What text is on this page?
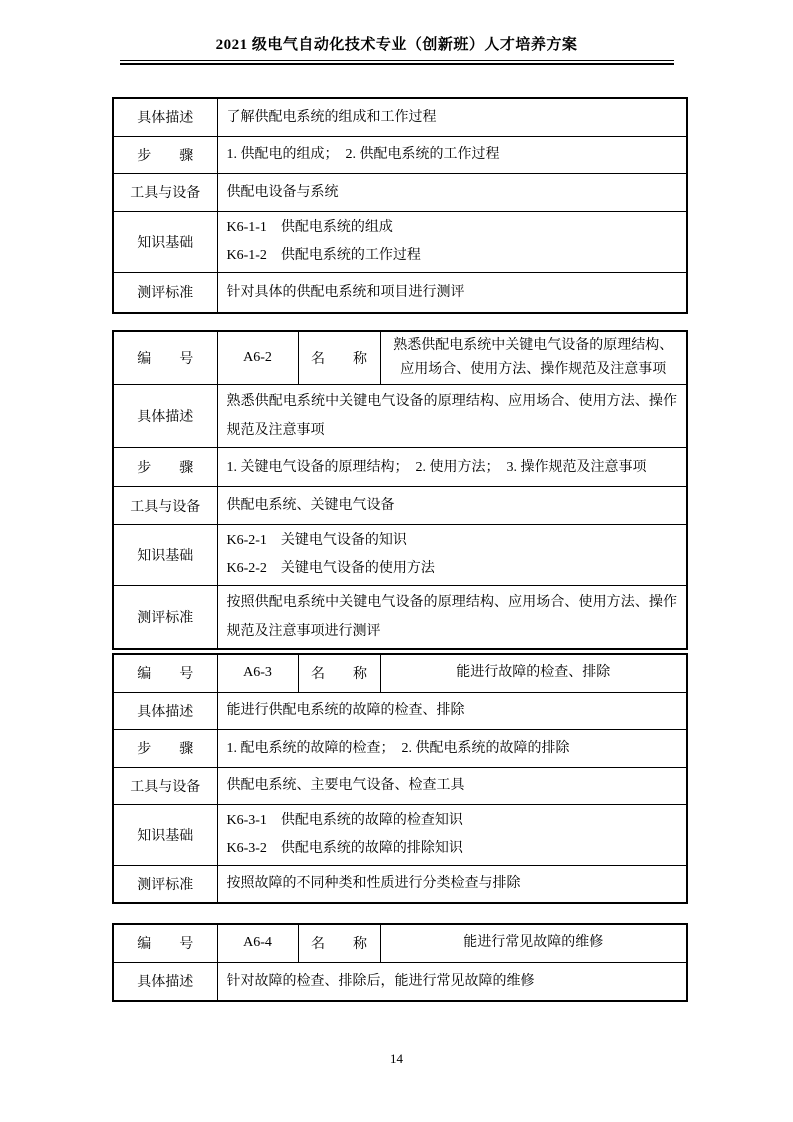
2021 级电气自动化技术专业（创新班）人才培养方案
具体描述	了解供配电系统的组成和工作过程
步　　骤	1. 供配电的组成；  2. 供配电系统的工作过程
工具与设备	供配电设备与系统
知识基础	K6-1-1　供配电系统的组成
K6-1-2　供配电系统的工作过程

测评标准	针对具体的供配电系统和项目进行测评
编　　号	A6-2	名　　称	熟悉供配电系统中关键电气设备的原理结构、应用场合、使用方法、操作规范及注意事项
具体描述	熟悉供配电系统中关键电气设备的原理结构、应用场合、使用方法、操作规范及注意事项		
步　　骤	1. 关键电气设备的原理结构；  2. 使用方法；  3. 操作规范及注意事项		
工具与设备	供配电系统、关键电气设备		
知识基础	K6-2-1　关键电气设备的知识
K6-2-2　关键电气设备的使用方法		

测评标准	按照供配电系统中关键电气设备的原理结构、应用场合、使用方法、操作规范及注意事项进行测评		
编　　号	A6-3	名　　称	能进行故障的检查、排除
具体描述	能进行供配电系统的故障的检查、排除		
步　　骤	1. 配电系统的故障的检查；  2. 供配电系统的故障的排除		
工具与设备	供配电系统、主要电气设备、检查工具		
知识基础	K6-3-1　供配电系统的故障的检查知识
K6-3-2　供配电系统的故障的排除知识		

测评标准	按照故障的不同种类和性质进行分类检查与排除		
编　　号	A6-4	名　　称	能进行常见故障的维修
具体描述	针对故障的检查、排除后，能进行常见故障的维修		
14
